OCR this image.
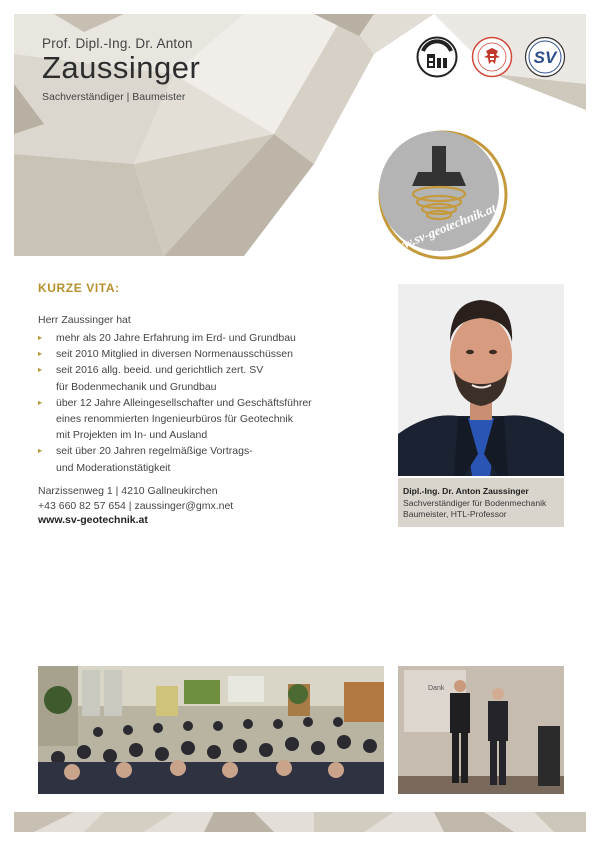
Prof. Dipl.-Ing. Dr. Anton
Zaussinger
Sachverständiger | Baumeister
SV
www.sv-geotechnik.at
KURZE VITA:
Herr Zaussinger hat
▸ mehr als 20 Jahre Erfahrung im Erd- und Grundbau
▸ seit 2010 Mitglied in diversen Normenausschüssen
▸ seit 2016 allg. beeid. und gerichtlich zert. SV
für Bodenmechanik und Grundbau
▸ über 12 Jahre Alleingesellschafter und Geschäftsführer
eines renommierten Ingenieurbüros für Geotechnik
mit Projekten im In- und Ausland
▸ seit über 20 Jahren regelmäßige Vortrags-
und Moderationstätigkeit
Narzissenweg 1 | 4210 Gallneukirchen
+43 660 82 57 654 | zaussinger@gmx.net
www.sv-geotechnik.at
Dipl.-Ing. Dr. Anton Zaussinger
Sachverständiger für Bodenmechanik
Baumeister, HTL-Professor
Dank
